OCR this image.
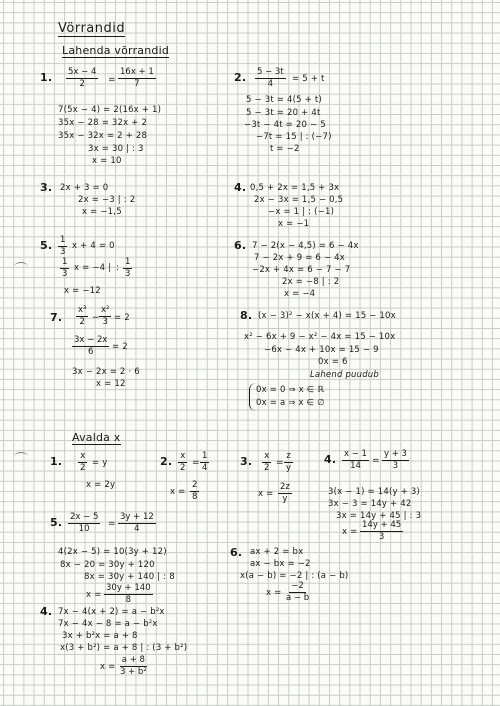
Vörrandid
Lahenda võrrandid
1. $\frac{5x - 4}{2} = \frac{16x + 1}{7}$
7(5x − 4) = 2(16x + 1)
35x − 28 = 32x + 2
35x − 32x = 2 + 28
3x = 30 | : 3
x = 10
2. $\frac{5 - 3t}{4} = 5 + t$
5 − 3t = 4(5 + t)
5 − 3t = 20 + 4t
−3t − 4t = 20 − 5
−7t = 15 | : (−7)
t = −2
3. 2x + 3 = 0
2x = −3 | : 2
x = −1,5
4. 0,5 + 2x = 1,5 + 3x
2x − 3x = 1,5 − 0,5
−x = 1 | : (−1)
x = −1
5. $\frac{1}{3}$ x + 4 = 0
$\frac{1}{3}$ x = −4 | : $\frac{1}{3}$
x = −12
6. 7 − 2(x − 4,5) = 6 − 4x
7 − 2x + 9 = 6 − 4x
−2x + 4x = 6 − 7 − 7
2x = −8 | : 2
x = −4
7. $\frac{\text{x³}}{2} - \frac{\text{x²}}{3} = 2$
$\frac{3x - 2x}{6} = 2$
3x − 2x = 2 · 6
x = 12
8. (x − 3)² − x(x + 4) = 15 − 10x
x² − 6x + 9 − x² − 4x = 15 − 10x
−6x − 4x + 10x = 15 − 9
0x = 6
Lahend puudub
0x = 0 ⇒ x ∈ ℝ
0x = a ⇒ x ∈ ∅
Avalda x
1. $\frac{x}{2} = y$
x = 2y
2. $\frac{x}{2} = \frac{1}{4}$
$x = \frac{2}{8}$
3. $\frac{x}{2} = \frac{z}{y}$
$x = \frac{2z}{y}$
4. $\frac{x - 1}{14} = \frac{y + 3}{3}$
3(x − 1) = 14(y + 3)
3x − 3 = 14y + 42
3x = 14y + 45 | : 3
$x = \frac{14y + 45}{3}$
5. $\frac{2x - 5}{10} = \frac{3y + 12}{4}$
4(2x − 5) = 10(3y + 12)
8x − 20 = 30y + 120
8x = 30y + 140 | : 8
$x = \frac{30y + 140}{8}$
6. ax + 2 = bx
ax − bx = −2
x(a − b) = −2 | : (a − b)
$x = \frac{-2}{a - b}$
4. 7x − 4(x + 2) = a − b²x
7x − 4x − 8 = a − b²x
3x + b²x = a + 8
x(3 + b²) = a + 8 | : (3 + b²)
$x = \frac{a + 8}{\text{3 + b²}}$
